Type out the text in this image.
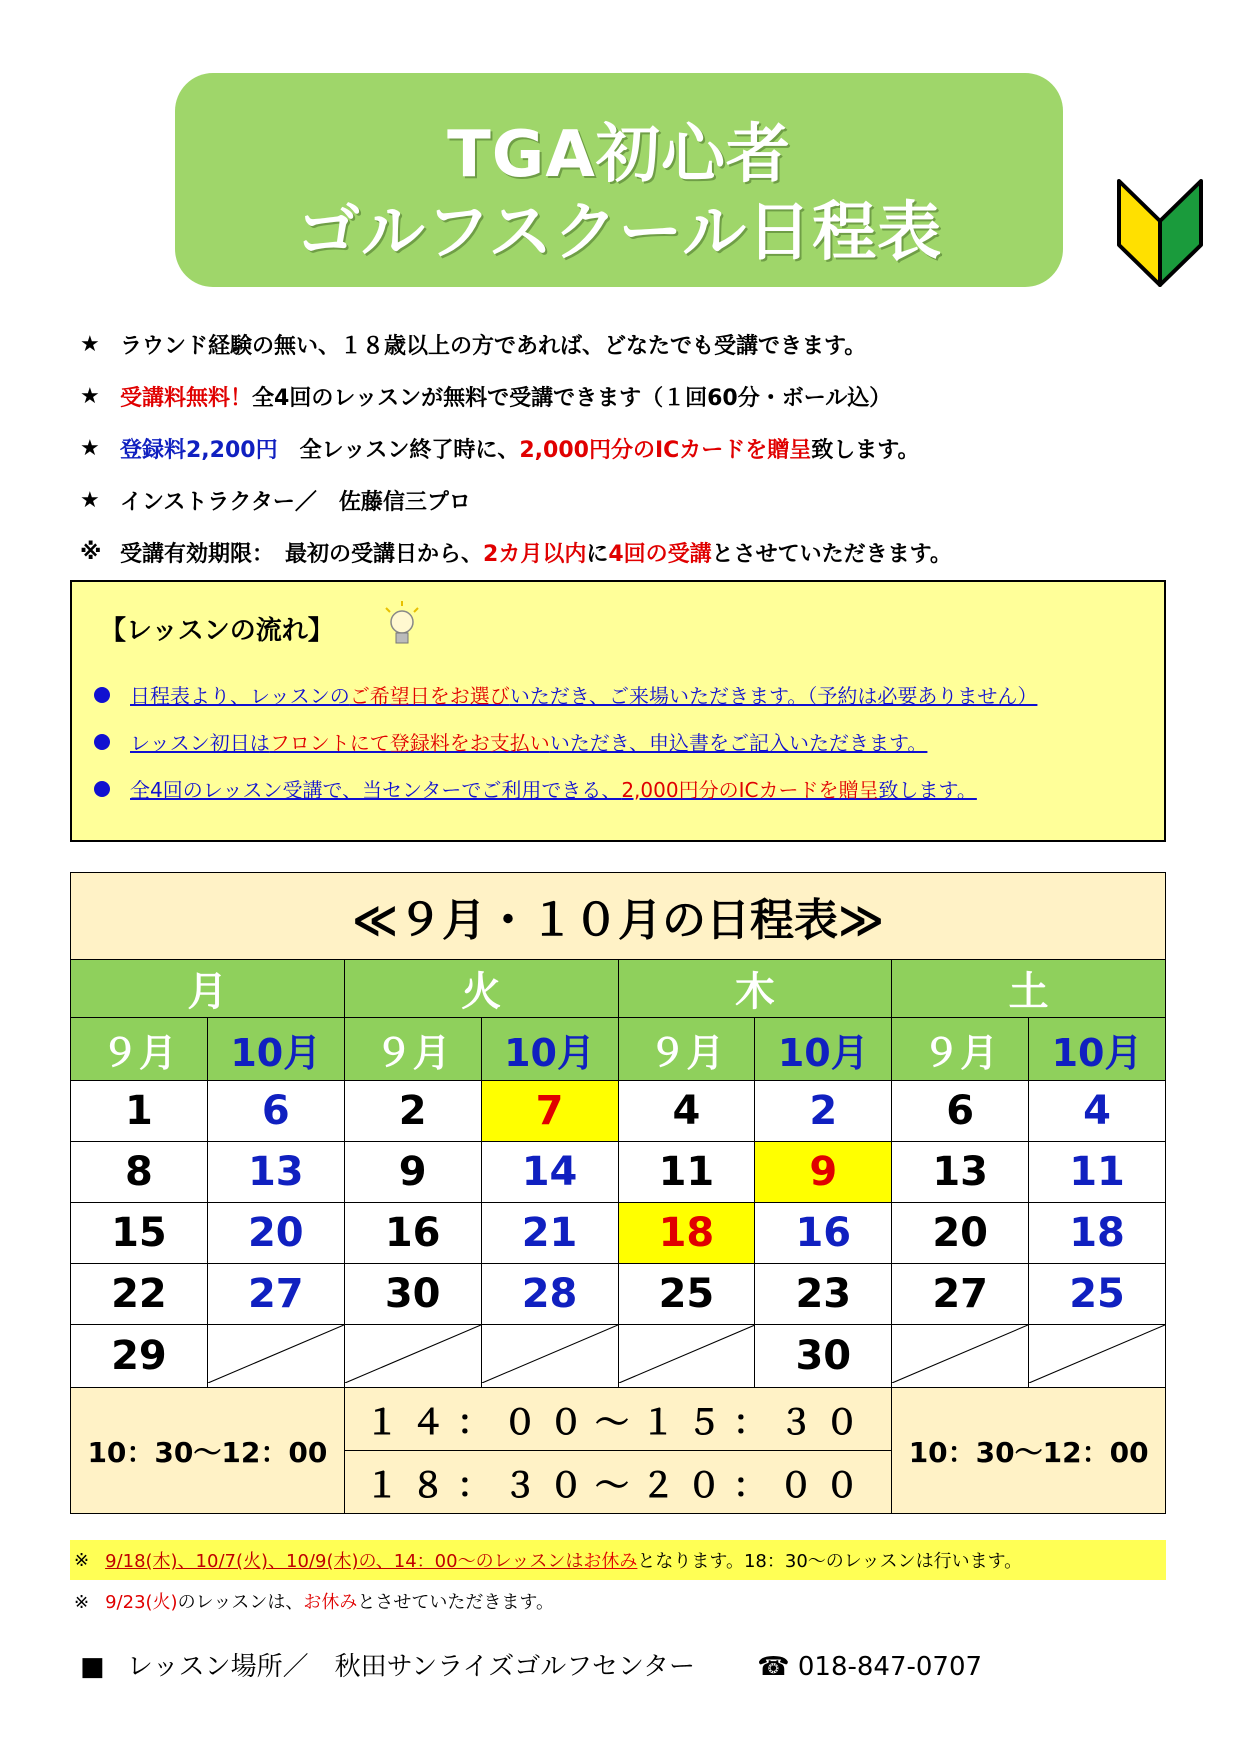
TGA初心者
ゴルフスクール日程表
★ ラウンド経験の無い、１８歳以上の方であれば、どなたでも受講できます。
★ 受講料無料！ 全4回のレッスンが無料で受講できます（１回60分・ボール込）
★ 登録料2,200円 全レッスン終了時に、 2,000円分のICカードを贈呈 致します。
★ インストラクター／　佐藤信三プロ
※ 受講有効期限：　最初の受講日から、 2カ月以内 に 4回の受講 とさせていただきます。
【レッスンの流れ】
日程表より、レッスンのご希望日をお選びいただき、ご来場いただきます。（予約は必要ありません）
レッスン初日はフロントにて登録料をお支払いいただき、申込書をご記入いただきます。
全4回のレッスン受講で、当センターでご利用できる、2,000円分のICカードを贈呈致します。
≪９月・１０月の日程表≫							
月		火		木		土	
９月	10月	９月	10月	９月	10月	９月	10月
1	6	2	7	4	2	6	4
8	13	9	14	11	9	13	11
15	20	16	21	18	16	20	18
22	27	30	28	25	23	27	25
29					30		
10：30～12：00		１４：００～１５：３０				10：30～12：00	
		１８：３０～２０：００					
※ 9/18(木)、10/7(火)、10/9(木)の、14：00～のレッスンは お休み となります。18：30～のレッスンは行います。
※ 9/23(火)のレッスンは、お休みとさせていただきます。
■ レッスン場所／　秋田サンライズゴルフセンター ☎ 018-847-0707
